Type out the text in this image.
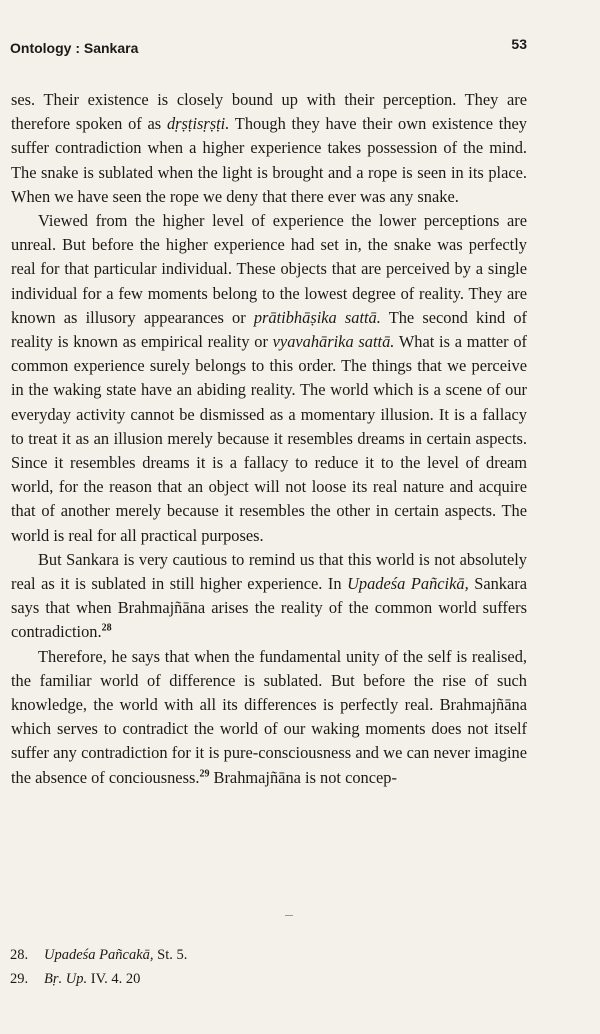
Ontology : Sankara	53

ses. Their existence is closely bound up with their perception. They are therefore spoken of as dṛṣṭisṛṣṭi. Though they have their own existence they suffer contradiction when a higher experience takes possession of the mind. The snake is sublated when the light is brought and a rope is seen in its place. When we have seen the rope we deny that there ever was any snake.

Viewed from the higher level of experience the lower perceptions are unreal. But before the higher experience had set in, the snake was perfectly real for that particular individual. These objects that are perceived by a single individual for a few moments belong to the lowest degree of reality. They are known as illusory appearances or prātibhāṣika sattā. The second kind of reality is known as empirical reality or vyavahārika sattā. What is a matter of common experience surely belongs to this order. The things that we perceive in the waking state have an abiding reality. The world which is a scene of our everyday activity cannot be dismissed as a momentary illusion. It is a fallacy to treat it as an illusion merely because it resembles dreams in certain aspects. Since it resembles dreams it is a fallacy to reduce it to the level of dream world, for the reason that an object will not loose its real nature and acquire that of another merely because it resembles the other in certain aspects. The world is real for all practical purposes.

But Sankara is very cautious to remind us that this world is not absolutely real as it is sublated in still higher experience. In Upadeśa Pañcikā, Sankara says that when Brahmajñāna arises the reality of the common world suffers contradiction.$^{28}$

Therefore, he says that when the fundamental unity of the self is realised, the familiar world of difference is sublated. But before the rise of such knowledge, the world with all its differences is perfectly real. Brahmajñāna which serves to contradict the world of our waking moments does not itself suffer any contradiction for it is pure-consciousness and we can never imagine the absence of conciousness.$^{29}$ Brahmajñāna is not concep-

28. Upadeśa Pañcakā, St. 5.
29. Bṛ. Up. IV. 4. 20
